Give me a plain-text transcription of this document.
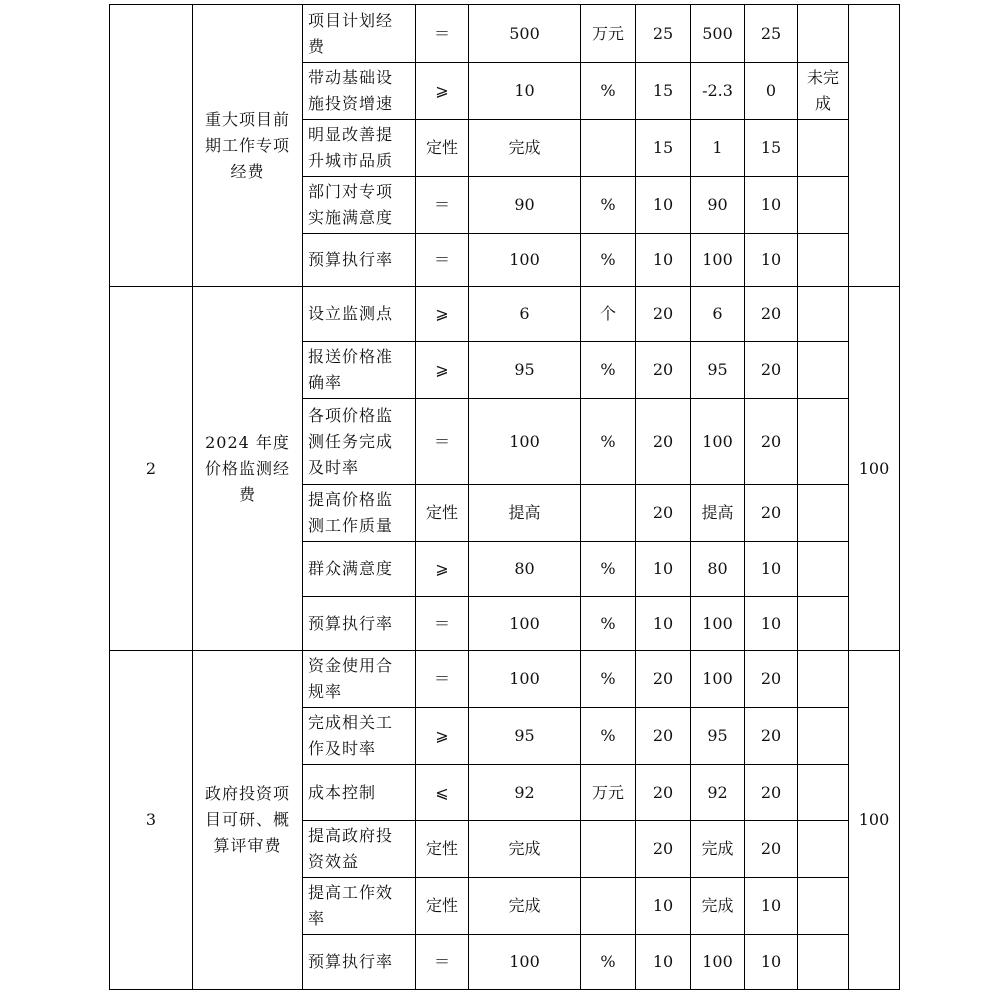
	重大项目前期工作专项经费	项目计划经费	＝	500	万元	25	500	25		

		带动基础设施投资增速	⩾	10	%	15	-2.3	0	未完成	

		明显改善提升城市品质	定性	完成		15	1	15		

		部门对专项实施满意度	＝	90	%	10	90	10		

		预算执行率	＝	100	%	10	100	10		
2	2024 年度价格监测经费	设立监测点	⩾	6	个	20	6	20		100

		报送价格准确率	⩾	95	%	20	95	20		

		各项价格监测任务完成及时率	＝	100	%	20	100	20		

		提高价格监测工作质量	定性	提高		20	提高	20		

		群众满意度	⩾	80	%	10	80	10		

		预算执行率	＝	100	%	10	100	10		
3	政府投资项目可研、概算评审费	资金使用合规率	＝	100	%	20	100	20		100

		完成相关工作及时率	⩾	95	%	20	95	20		

		成本控制	⩽	92	万元	20	92	20		

		提高政府投资效益	定性	完成		20	完成	20		

		提高工作效率	定性	完成		10	完成	10		

		预算执行率	＝	100	%	10	100	10		
